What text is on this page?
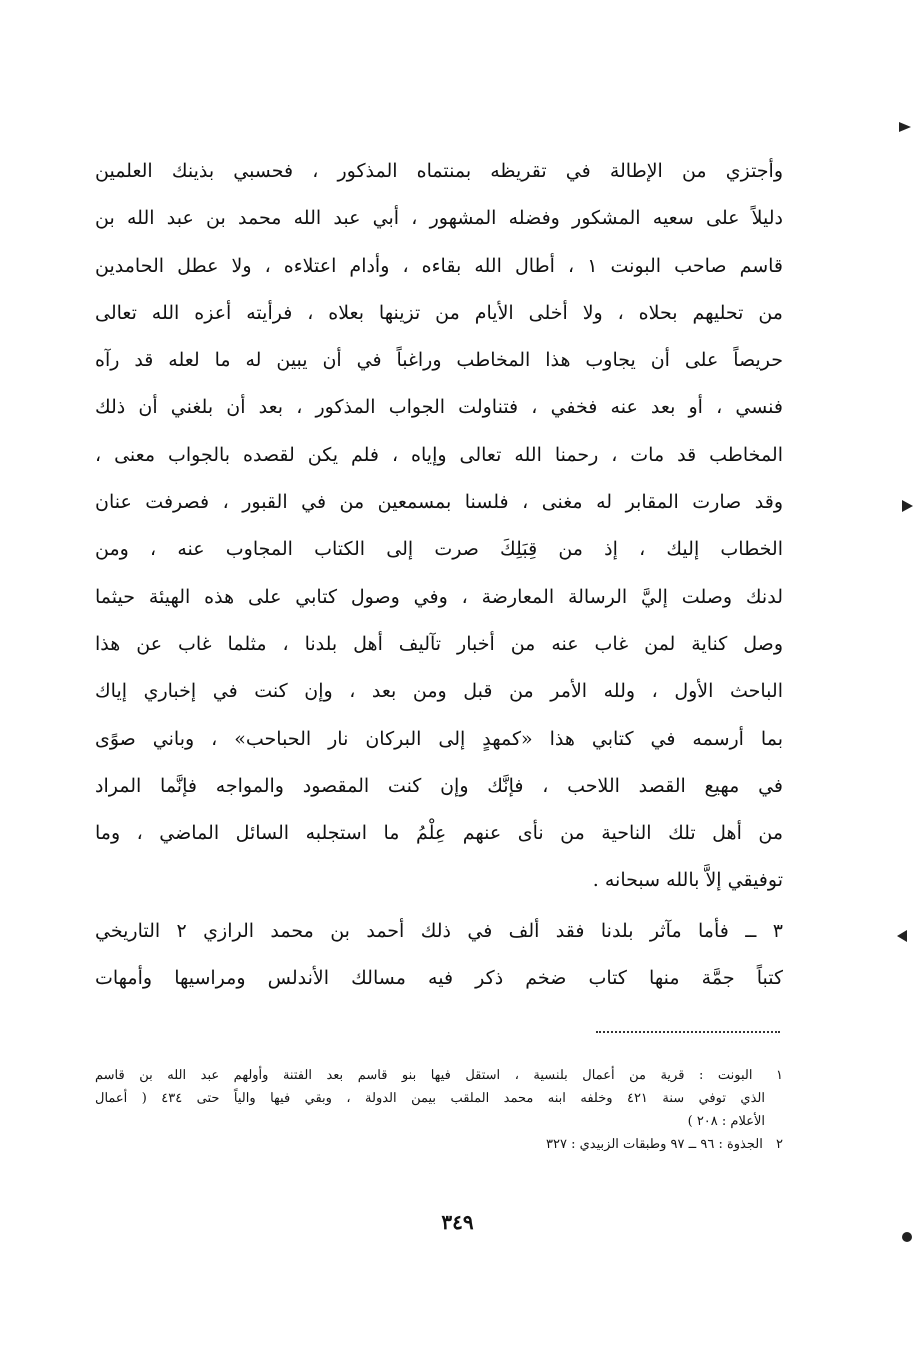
وأجتزي من الإطالة في تقريظه بمنتماه المذكور ، فحسبي بذينك العلمين
دليلاً على سعيه المشكور وفضله المشهور ، أبي عبد الله محمد بن عبد الله بن
قاسم صاحب البونت ١ ، أطال الله بقاءه ، وأدام اعتلاءه ، ولا عطل الحامدين
من تحليهم بحلاه ، ولا أخلى الأيام من تزينها بعلاه ، فرأيته أعزه الله تعالى
حريصاً على أن يجاوب هذا المخاطب وراغباً في أن يبين له ما لعله قد رآه
فنسي ، أو بعد عنه فخفي ، فتناولت الجواب المذكور ، بعد أن بلغني أن ذلك
المخاطب قد مات ، رحمنا الله تعالى وإياه ، فلم يكن لقصده بالجواب معنى ،
وقد صارت المقابر له مغنى ، فلسنا بمسمعين من في القبور ، فصرفت عنان
الخطاب إليك ، إذ من قِبَلِكَ صرت إلى الكتاب المجاوب عنه ، ومن
لدنك وصلت إليَّ الرسالة المعارضة ، وفي وصول كتابي على هذه الهيئة حيثما
وصل كناية لمن غاب عنه من أخبار تآليف أهل بلدنا ، مثلما غاب عن هذا
الباحث الأول ، ولله الأمر من قبل ومن بعد ، وإن كنت في إخباري إياك
بما أرسمه في كتابي هذا «كمهدٍ إلى البركان نار الحباحب» ، وباني صوًى
في مهيع القصد اللاحب ، فإنَّك وإن كنت المقصود والمواجه فإنَّما المراد
من أهل تلك الناحية من نأى عنهم عِلْمُ ما استجلبه السائل الماضي ، وما
توفيقي إلاَّ بالله سبحانه .
٣ ــ فأما مآثر بلدنا فقد ألف في ذلك أحمد بن محمد الرازي ٢ التاريخي
كتباً جمَّة منها كتاب ضخم ذكر فيه مسالك الأندلس ومراسيها وأمهات
١ البونت : قرية من أعمال بلنسية ، استقل فيها بنو قاسم بعد الفتنة وأولهم عبد الله بن قاسم
الذي توفي سنة ٤٢١ وخلفه ابنه محمد الملقب بيمن الدولة ، وبقي فيها والياً حتى ٤٣٤ ( أعمال
الأعلام : ٢٠٨ )
٢ الجذوة : ٩٦ ــ ٩٧ وطبقات الزبيدي : ٣٢٧
٣٤٩
